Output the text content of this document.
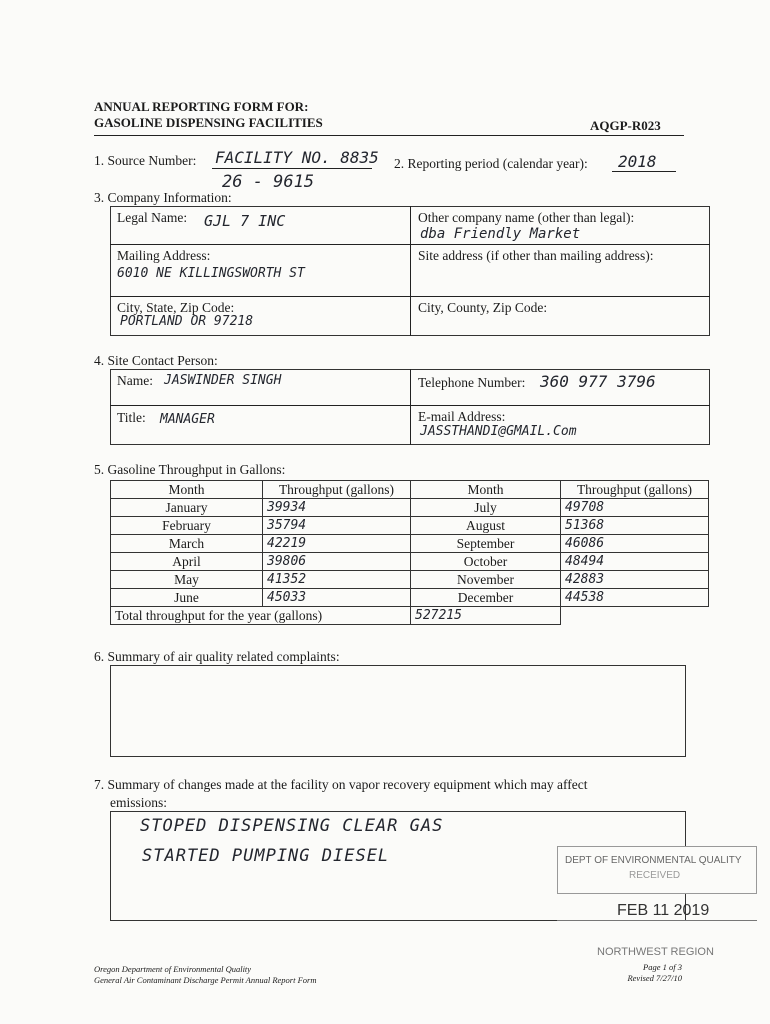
ANNUAL REPORTING FORM FOR:
GASOLINE DISPENSING FACILITIES	AQGP-R023
1. Source Number: FACILITY NO. 8835
26 - 9615
2. Reporting period (calendar year): 2018
3. Company Information:
Legal Name: GJL 7 INC	Other company name (other than legal):
dba Friendly Market
Mailing Address:
6010 NE KILLINGSWORTH ST
Site address (if other than mailing address):
City, State, Zip Code:
PORTLAND OR 97218
City, County, Zip Code:
4. Site Contact Person:
Name: JASWINDER SINGH	Telephone Number: 360 977 3796
Title: MANAGER	E-mail Address:
JASSTHANDI@GMAIL.Com
5. Gasoline Throughput in Gallons:
Month	Throughput (gallons)	Month	Throughput (gallons)
January	39934	July	49708
February	35794	August	51368
March	42219	September	46086
April	39806	October	48494
May	41352	November	42883
June	45033	December	44538
Total throughput for the year (gallons)		527215	
6. Summary of air quality related complaints:
7. Summary of changes made at the facility on vapor recovery equipment which may affect
emissions:
STOPED DISPENSING CLEAR GAS
STARTED PUMPING DIESEL	DEPT OF ENVIRONMENTAL QUALITY
RECEIVED
FEB 11 2019
NORTHWEST REGION
Oregon Department of Environmental Quality
General Air Contaminant Discharge Permit Annual Report Form
Page 1 of 3
Revised 7/27/10
